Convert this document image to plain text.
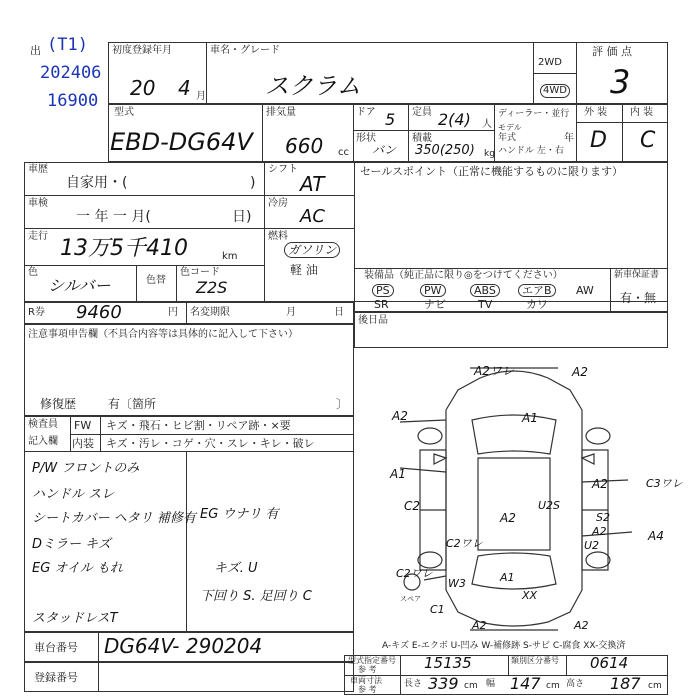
出 (T1)
202406
16900
初度登録年月
20 4 月
車名・グレード
スクラム
2WD
4WD
評 価 点
3
型式
EBD-DG64V
排気量
660 cc
ドア 5 定員 2(4) 人
形状
バン
積載
350(250) kg
ディーラー・並行
モデル
年式	年
ハンドル 左・右
外 装 内 装
D C
車歴
自家用・(	)
シフト
AT
車検
一 年 一 月(	日)
冷房
AC
走行 13万5千410	km
燃料
ガソリン
軽 油
色
シルバー	色替
色コード
Z2S
セールスポイント（正常に機能するものに限ります）
R券 9460	円 名変期限	月	日
装備品（純正品に限り◎をつけてください）
PS	PW	ABS	エアB	AW
SR	ナビ	TV	カワ
新車保証書
有・無
後日品
注意事項申告欄（不具合内容等は具体的に記入して下さい）
修復歴	有〔箇所	〕
検査員
記入欄
FW キズ・飛石・ヒビ割・リペア跡・×要
内装 キズ・汚レ・コゲ・穴・スレ・キレ・破レ
P/W フロントのみ
ハンドル スレ
シートカバー ヘタリ 補修有
Dミラー キズ
EG オイル もれ
スタッドレスT
EG ウナリ 有
キズ. U
下回り S. 足回り C
車台番号 DG64V- 290204
登録番号
型式指定番号
参 考	15135	類別区分番号 0614
車両寸法
参 考
長さ 339 cm 幅 147 cm 高さ 187 cm
A-キズ E-エクボ U-凹み W-補修跡 S-サビ C-腐食 XX-交換済
A2ワレ	A2
A2	A1
A1
A2	C3ワレ
C2
A2
U2S
S2
A2	A4
U2
C2ワレ
C2ワレ
W3	A1
XX
C1
A2	A2
スペア
